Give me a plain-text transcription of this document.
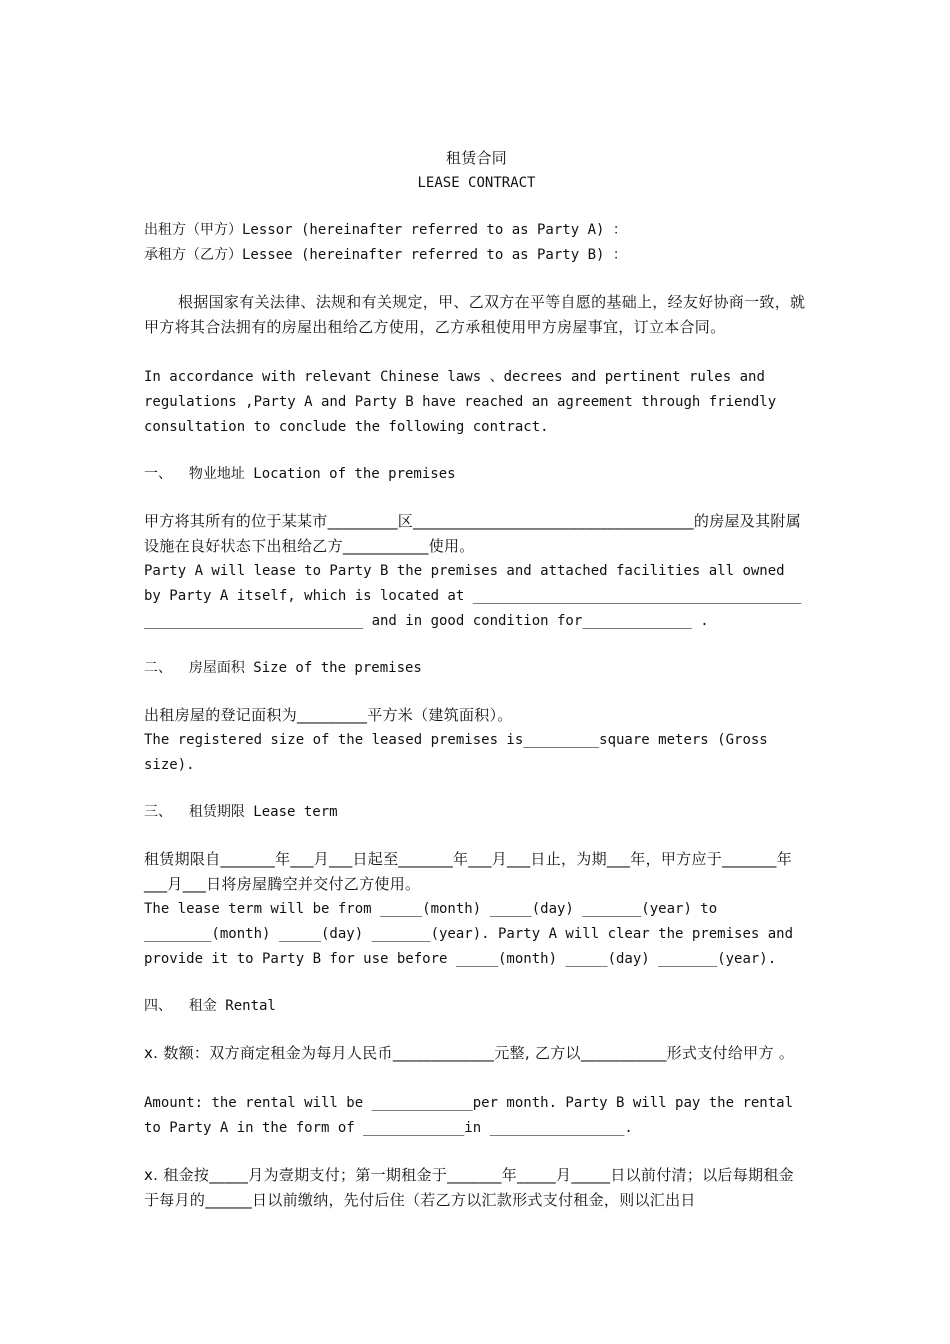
租赁合同
LEASE CONTRACT
出租方（甲方）Lessor (hereinafter referred to as Party A) ：
承租方（乙方）Lessee (hereinafter referred to as Party B) ：
根据国家有关法律、法规和有关规定，甲、乙双方在平等自愿的基础上，经友好协商一致，就甲方将其合法拥有的房屋出租给乙方使用，乙方承租使用甲方房屋事宜，订立本合同。
In accordance with relevant Chinese laws 、decrees and pertinent rules and regulations ,Party A and Party B have reached an agreement through friendly consultation to conclude the following contract.
一、  物业地址 Location of the premises
甲方将其所有的位于某某市_________区____________________________________的房屋及其附属设施在良好状态下出租给乙方___________使用。
Party A will lease to Party B the premises and attached facilities all owned by Party A itself, which is located at _______________________________________ __________________________ and in good condition for_____________ .
二、  房屋面积 Size of the premises
出租房屋的登记面积为_________平方米（建筑面积）。
The registered size of the leased premises is_________square meters (Gross size).
三、  租赁期限 Lease term
租赁期限自_______年___月___日起至_______年___月___日止，为期___年，甲方应于_______年___月___日将房屋腾空并交付乙方使用。
The lease term will be from _____(month) _____(day) _______(year) to ________(month) _____(day) _______(year). Party A will clear the premises and provide it to Party B for use before _____(month) _____(day) _______(year).
四、  租金 Rental
x. 数额：双方商定租金为每月人民币_____________元整, 乙方以___________形式支付给甲方 。
Amount: the rental will be ____________per month. Party B will pay the rental to Party A in the form of ____________in ________________.
x. 租金按_____月为壹期支付；第一期租金于_______年_____月_____日以前付清；以后每期租金于每月的______日以前缴纳，先付后住（若乙方以汇款形式支付租金，则以汇出日
